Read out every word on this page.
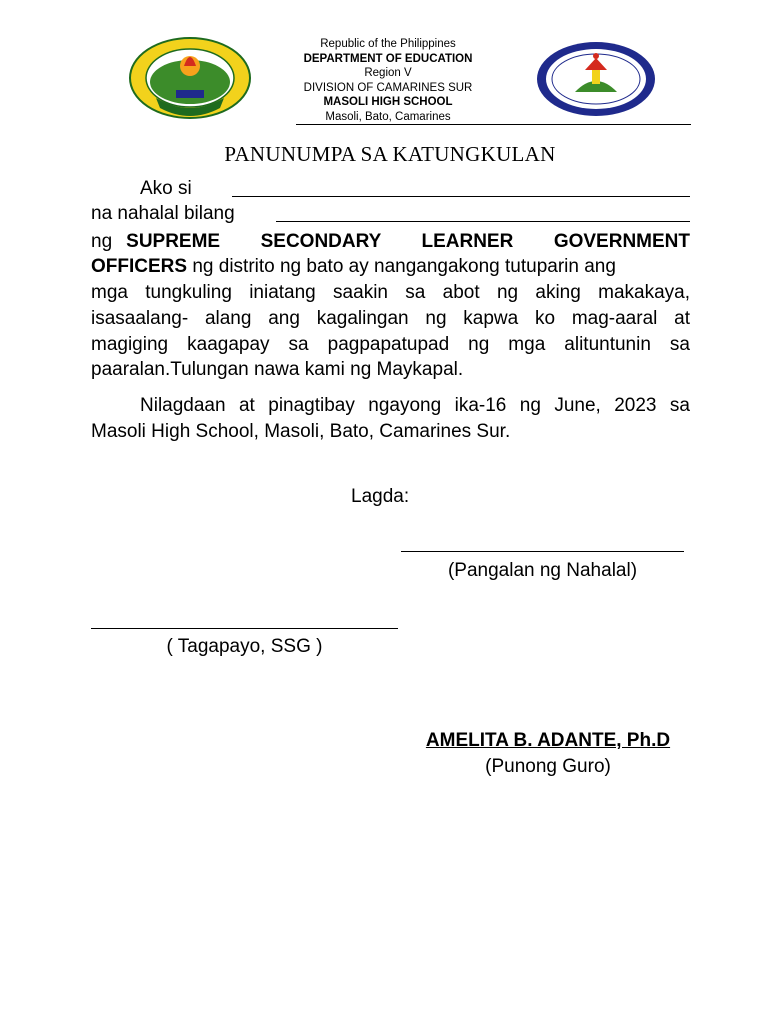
Republic of the Philippines
DEPARTMENT OF EDUCATION
Region V
DIVISION OF CAMARINES SUR
MASOLI HIGH SCHOOL
Masoli, Bato, Camarines
PANUNUMPA SA KATUNGKULAN
Ako si
na nahalal bilang
ng SUPREME  SECONDARY  LEARNER  GOVERNMENT
OFFICERS ng distrito ng bato ay nangangakong tutuparin ang
mga tungkuling iniatang saakin sa abot ng aking makakaya,
isasaalang- alang ang kagalingan ng kapwa ko mag-aaral at
magiging kaagapay sa pagpapatupad ng mga alituntunin sa
paaralan.Tulungan nawa kami ng Maykapal.
Nilagdaan at pinagtibay ngayong ika-16 ng June, 2023 sa
Masoli High School, Masoli, Bato, Camarines Sur.
Lagda:
(Pangalan ng Nahalal)
( Tagapayo, SSG )
AMELITA B. ADANTE, Ph.D
(Punong Guro)
